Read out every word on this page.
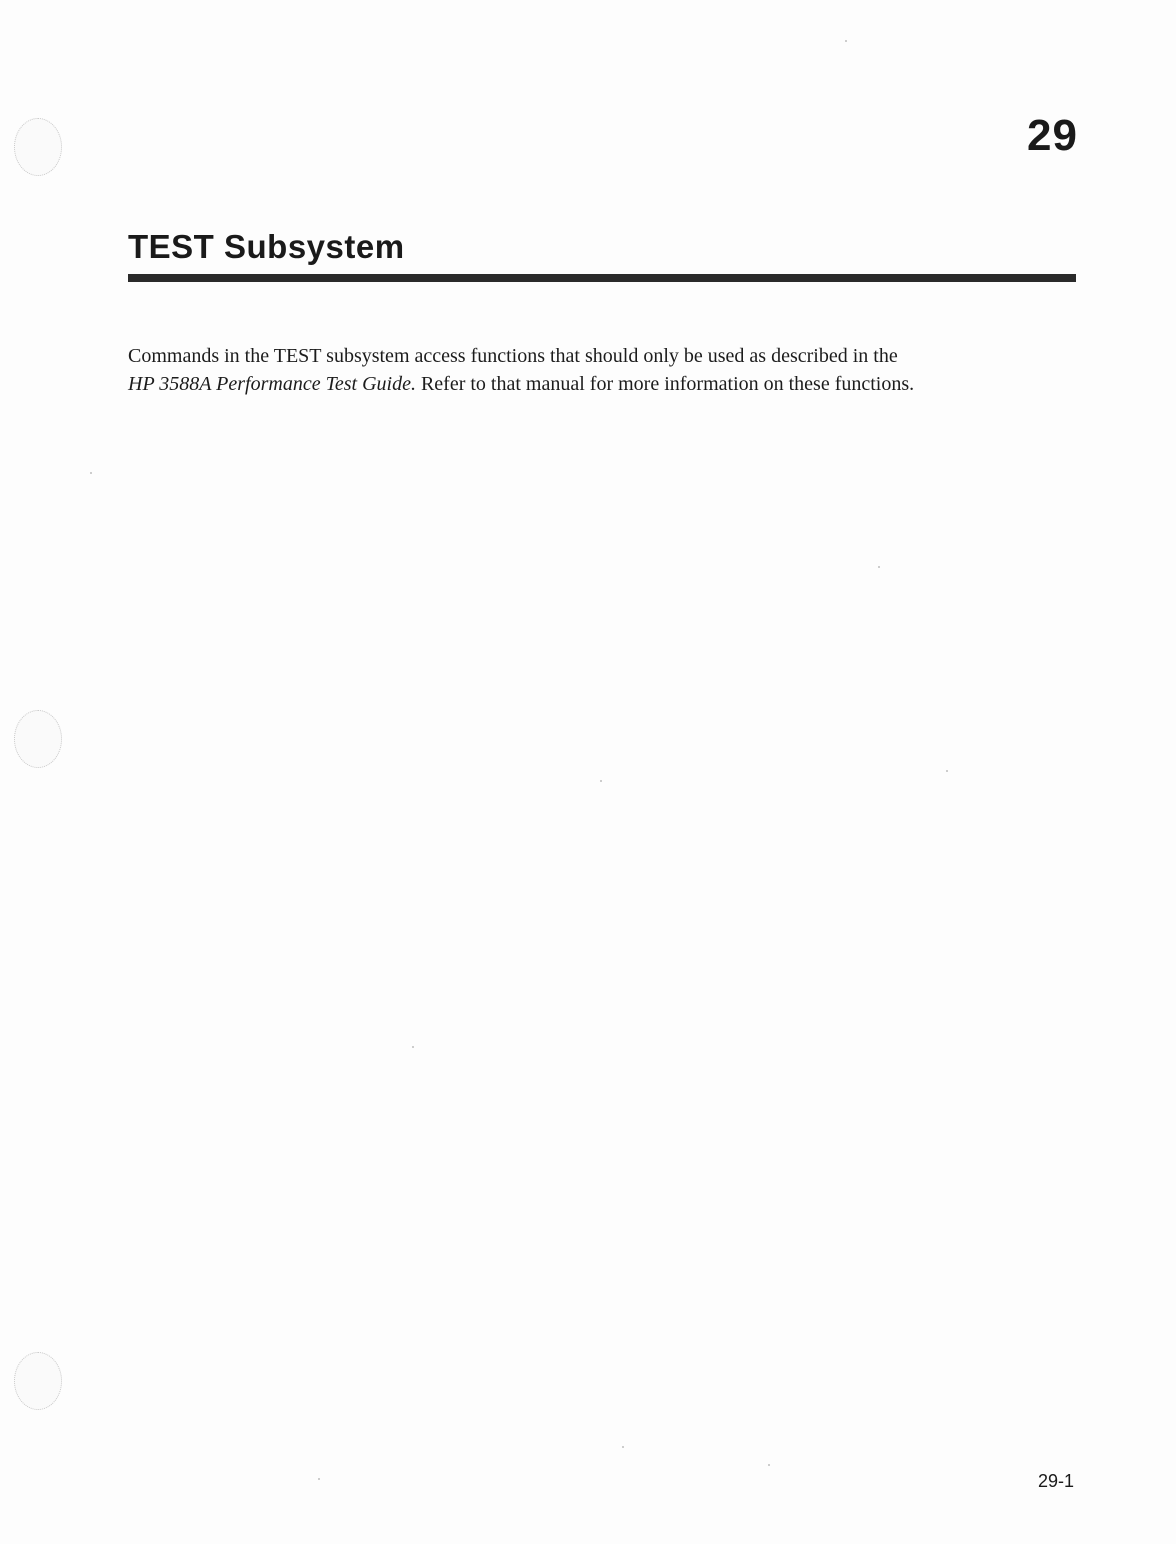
29
TEST Subsystem

Commands in the TEST subsystem access functions that should only be used as described in the
HP 3588A Performance Test Guide. Refer to that manual for more information on these functions.

29-1
